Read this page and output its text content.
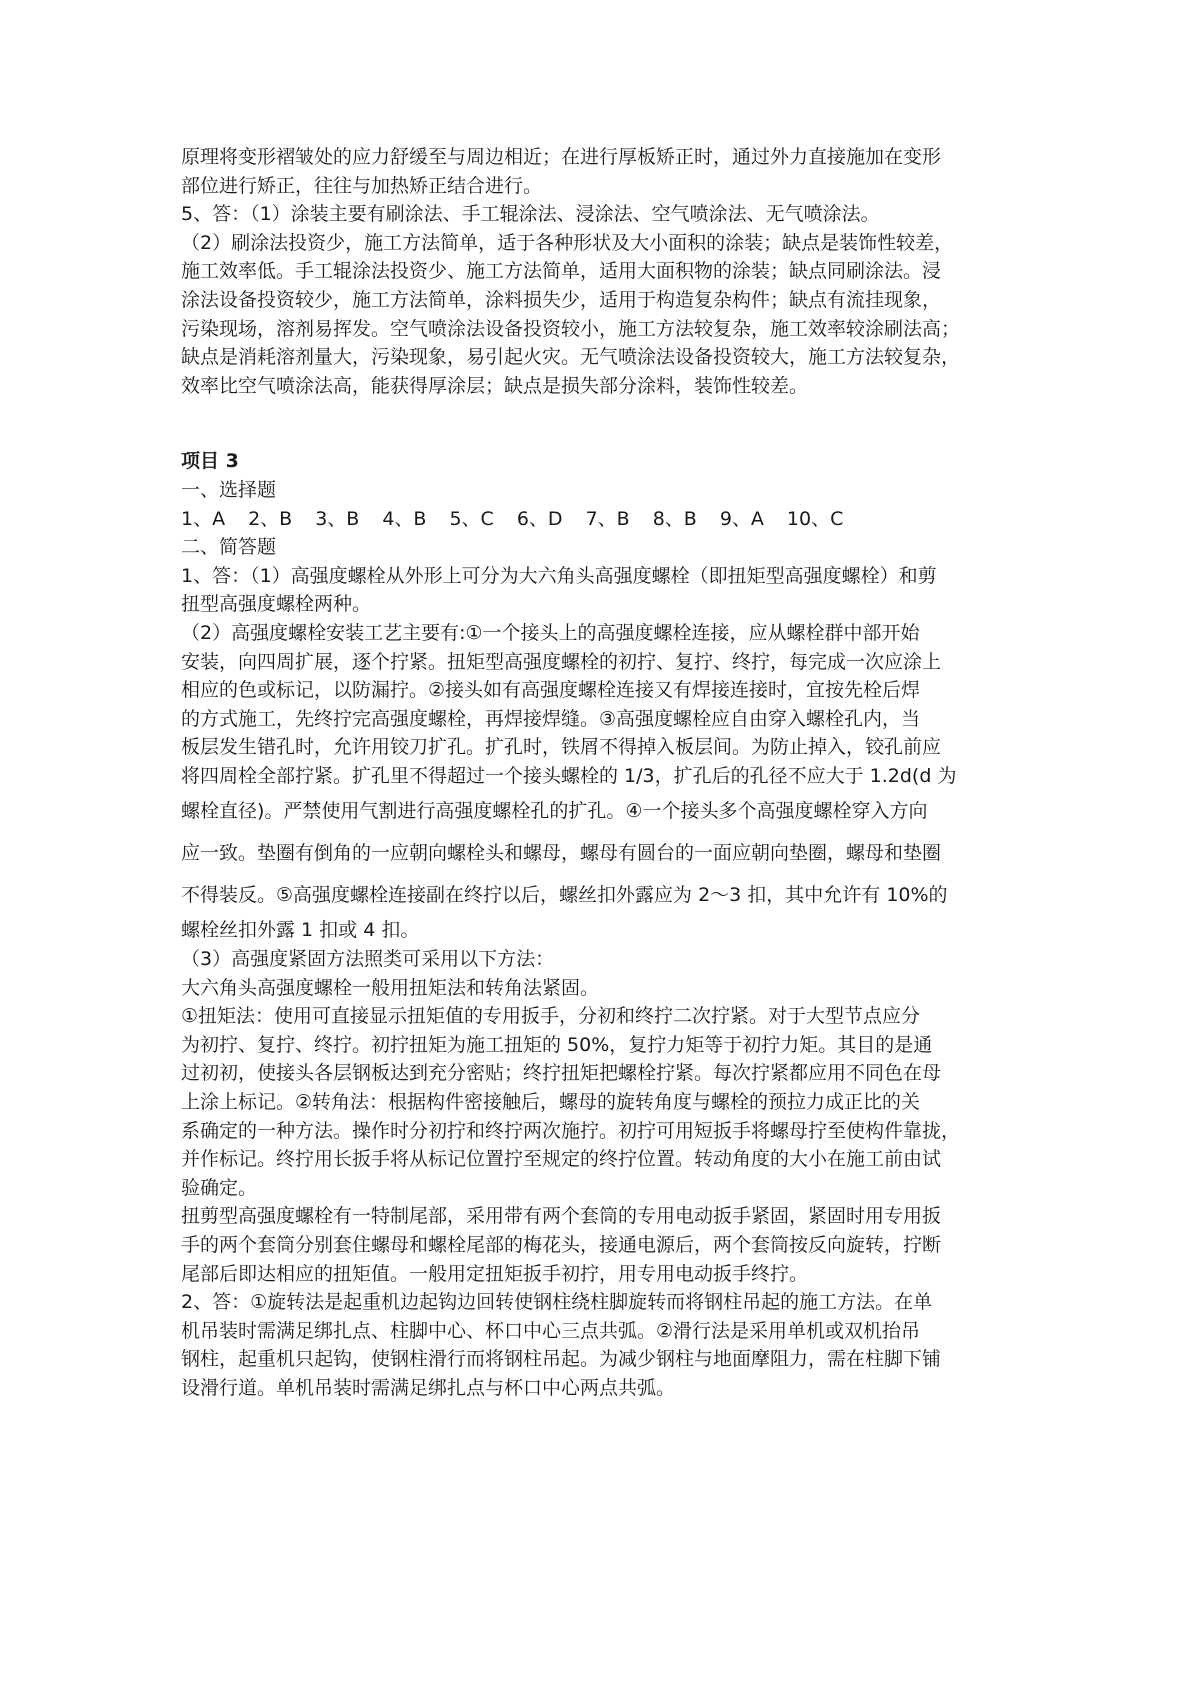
原理将变形褶皱处的应力舒缓至与周边相近；在进行厚板矫正时，通过外力直接施加在变形
部位进行矫正，往往与加热矫正结合进行。
5、答：（1）涂装主要有刷涂法、手工辊涂法、浸涂法、空气喷涂法、无气喷涂法。
（2）刷涂法投资少，施工方法简单，适于各种形状及大小面积的涂装；缺点是装饰性较差，
施工效率低。手工辊涂法投资少、施工方法简单，适用大面积物的涂装；缺点同刷涂法。浸
涂法设备投资较少，施工方法简单，涂料损失少，适用于构造复杂构件；缺点有流挂现象，
污染现场，溶剂易挥发。空气喷涂法设备投资较小，施工方法较复杂，施工效率较涂刷法高；
缺点是消耗溶剂量大，污染现象，易引起火灾。无气喷涂法设备投资较大，施工方法较复杂，
效率比空气喷涂法高，能获得厚涂层；缺点是损失部分涂料，装饰性较差。
项目 3
一、选择题
1、A 2、B 3、B 4、B 5、C 6、D 7、B 8、B 9、A 10、C
二、简答题
1、答：（1）高强度螺栓从外形上可分为大六角头高强度螺栓（即扭矩型高强度螺栓）和剪
扭型高强度螺栓两种。
（2）高强度螺栓安装工艺主要有:①一个接头上的高强度螺栓连接，应从螺栓群中部开始
安装，向四周扩展，逐个拧紧。扭矩型高强度螺栓的初拧、复拧、终拧，每完成一次应涂上
相应的色或标记，以防漏拧。②接头如有高强度螺栓连接又有焊接连接时，宜按先栓后焊
的方式施工，先终拧完高强度螺栓，再焊接焊缝。③高强度螺栓应自由穿入螺栓孔内，当
板层发生错孔时，允许用铰刀扩孔。扩孔时，铁屑不得掉入板层间。为防止掉入，铰孔前应
将四周栓全部拧紧。扩孔里不得超过一个接头螺栓的 1/3，扩孔后的孔径不应大于 1.2d(d 为
螺栓直径)。严禁使用气割进行高强度螺栓孔的扩孔。④一个接头多个高强度螺栓穿入方向
应一致。垫圈有倒角的一应朝向螺栓头和螺母，螺母有圆台的一面应朝向垫圈，螺母和垫圈
不得装反。⑤高强度螺栓连接副在终拧以后，螺丝扣外露应为 2～3 扣，其中允许有 10%的
螺栓丝扣外露 1 扣或 4 扣。
（3）高强度紧固方法照类可采用以下方法：
大六角头高强度螺栓一般用扭矩法和转角法紧固。
①扭矩法：使用可直接显示扭矩值的专用扳手，分初和终拧二次拧紧。对于大型节点应分
为初拧、复拧、终拧。初拧扭矩为施工扭矩的 50%，复拧力矩等于初拧力矩。其目的是通
过初初，使接头各层钢板达到充分密贴；终拧扭矩把螺栓拧紧。每次拧紧都应用不同色在母
上涂上标记。②转角法：根据构件密接触后，螺母的旋转角度与螺栓的预拉力成正比的关
系确定的一种方法。操作时分初拧和终拧两次施拧。初拧可用短扳手将螺母拧至使构件靠拢，
并作标记。终拧用长扳手将从标记位置拧至规定的终拧位置。转动角度的大小在施工前由试
验确定。
扭剪型高强度螺栓有一特制尾部，采用带有两个套筒的专用电动扳手紧固，紧固时用专用扳
手的两个套筒分别套住螺母和螺栓尾部的梅花头，接通电源后，两个套筒按反向旋转，拧断
尾部后即达相应的扭矩值。一般用定扭矩扳手初拧，用专用电动扳手终拧。
2、答：①旋转法是起重机边起钩边回转使钢柱绕柱脚旋转而将钢柱吊起的施工方法。在单
机吊装时需满足绑扎点、柱脚中心、杯口中心三点共弧。②滑行法是采用单机或双机抬吊
钢柱，起重机只起钩，使钢柱滑行而将钢柱吊起。为减少钢柱与地面摩阻力，需在柱脚下铺
设滑行道。单机吊装时需满足绑扎点与杯口中心两点共弧。
